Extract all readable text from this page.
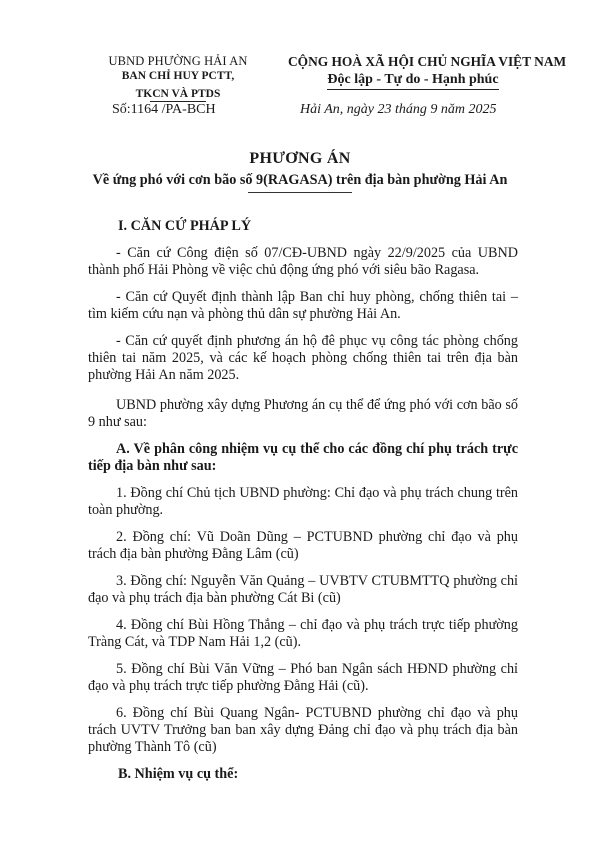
UBND PHƯỜNG HẢI AN
BAN CHỈ HUY PCTT,
TKCN VÀ PTDS
Số:1164 /PA-BCH
CỘNG HOÀ XÃ HỘI CHỦ NGHĨA VIỆT NAM
Độc lập - Tự do - Hạnh phúc
Hải An, ngày 23 tháng 9 năm 2025
PHƯƠNG ÁN
Về ứng phó với cơn bão số 9(RAGASA) trên địa bàn phường Hải An

I. CĂN CỨ PHÁP LÝ

- Căn cứ Công điện số 07/CĐ-UBND ngày 22/9/2025 của UBND thành phố Hải Phòng về việc chủ động ứng phó với siêu bão Ragasa.

- Căn cứ Quyết định thành lập Ban chỉ huy phòng, chống thiên tai – tìm kiếm cứu nạn và phòng thủ dân sự phường Hải An.

- Căn cứ quyết định phương án hộ đê phục vụ công tác phòng chống thiên tai năm 2025, và các kế hoạch phòng chống thiên tai trên địa bàn phường Hải An năm 2025.

UBND phường xây dựng Phương án cụ thể để ứng phó với cơn bão số 9 như sau:

A. Về phân công nhiệm vụ cụ thể cho các đồng chí phụ trách trực tiếp địa bàn như sau:

1. Đồng chí Chủ tịch UBND phường: Chỉ đạo và phụ trách chung trên toàn phường.

2. Đồng chí: Vũ Doãn Dũng – PCTUBND phường chỉ đạo và phụ trách địa bàn phường Đằng Lâm (cũ)

3. Đồng chí: Nguyễn Văn Quảng – UVBTV CTUBMTTQ phường chỉ đạo và phụ trách địa bàn phường Cát Bi (cũ)

4. Đồng chí Bùi Hồng Thắng – chỉ đạo và phụ trách trực tiếp phường Tràng Cát, và TDP Nam Hải 1,2 (cũ).

5. Đồng chí Bùi Văn Vững – Phó ban Ngân sách HĐND phường chỉ đạo và phụ trách trực tiếp phường Đằng Hải (cũ).

6. Đồng chí Bùi Quang Ngân- PCTUBND phường chỉ đạo và phụ trách UVTV Trưởng ban ban xây dựng Đảng chỉ đạo và phụ trách địa bàn phường Thành Tô (cũ)

B. Nhiệm vụ cụ thể:
